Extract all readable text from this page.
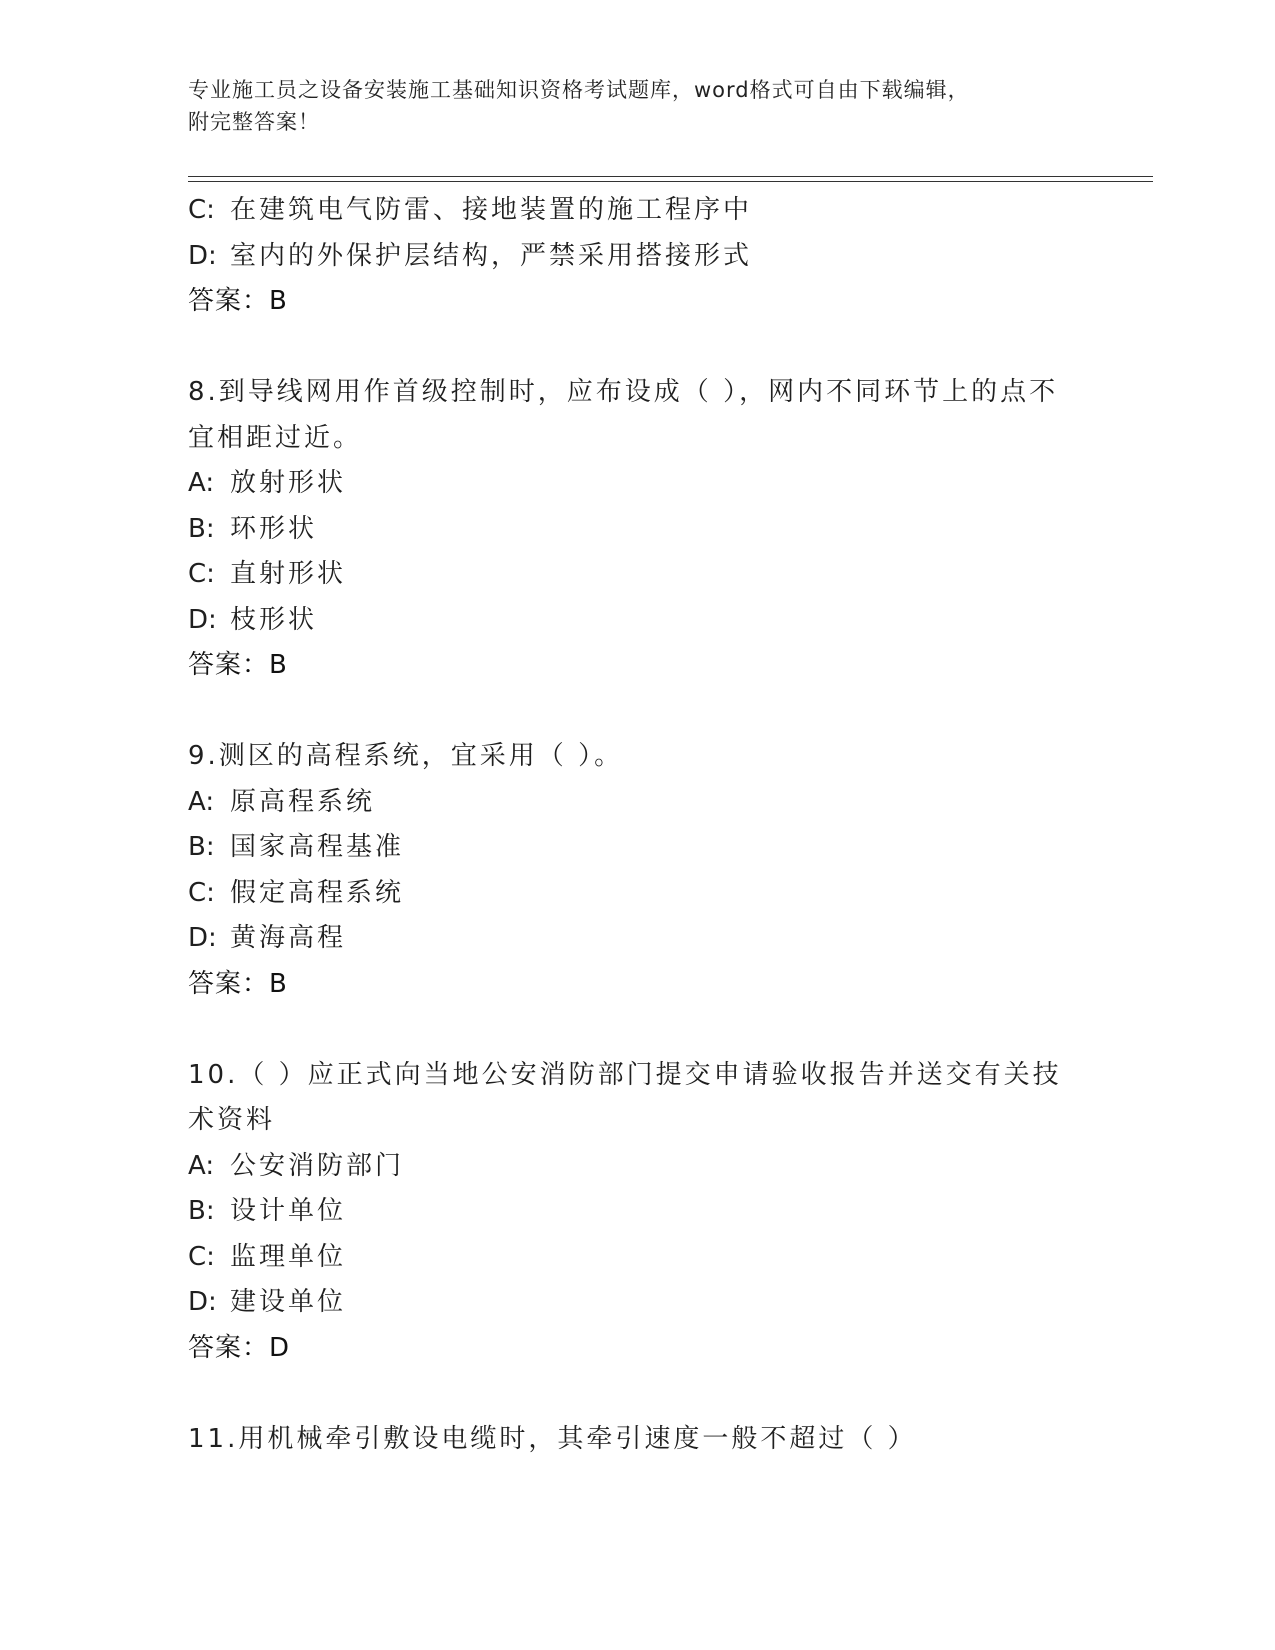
专业施工员之设备安装施工基础知识资格考试题库，word格式可自由下载编辑，
附完整答案！
C: 在建筑电气防雷、接地装置的施工程序中
D: 室内的外保护层结构，严禁采用搭接形式
答案：B
8.到导线网用作首级控制时，应布设成（ ），网内不同环节上的点不
宜相距过近。
A: 放射形状
B: 环形状
C: 直射形状
D: 枝形状
答案：B
9.测区的高程系统，宜采用（ ）。
A: 原高程系统
B: 国家高程基准
C: 假定高程系统
D: 黄海高程
答案：B
10.（ ）应正式向当地公安消防部门提交申请验收报告并送交有关技
术资料
A: 公安消防部门
B: 设计单位
C: 监理单位
D: 建设单位
答案：D
11.用机械牵引敷设电缆时，其牵引速度一般不超过（ ）
